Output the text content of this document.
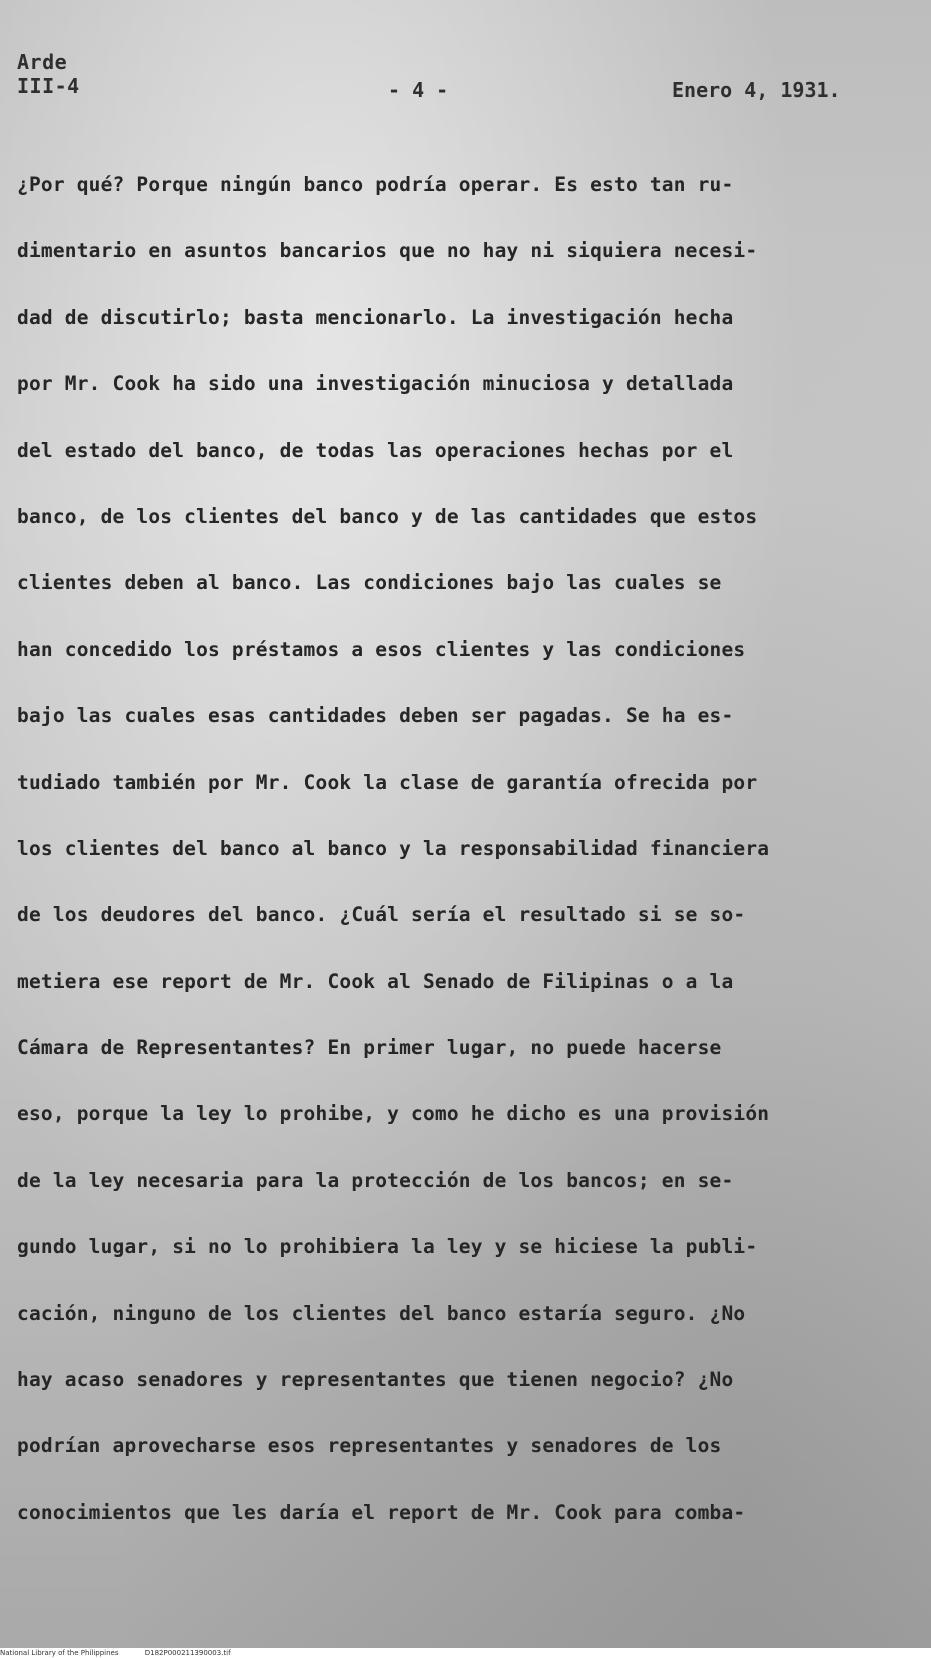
Arde
III-4	- 4 -	Enero 4, 1931.
¿Por qué? Porque ningún banco podría operar. Es esto tan ru-
dimentario en asuntos bancarios que no hay ni siquiera necesi-
dad de discutirlo; basta mencionarlo. La investigación hecha
por Mr. Cook ha sido una investigación minuciosa y detallada
del estado del banco, de todas las operaciones hechas por el
banco, de los clientes del banco y de las cantidades que estos
clientes deben al banco. Las condiciones bajo las cuales se
han concedido los préstamos a esos clientes y las condiciones
bajo las cuales esas cantidades deben ser pagadas. Se ha es-
tudiado también por Mr. Cook la clase de garantía ofrecida por
los clientes del banco al banco y la responsabilidad financiera
de los deudores del banco. ¿Cuál sería el resultado si se so-
metiera ese report de Mr. Cook al Senado de Filipinas o a la
Cámara de Representantes? En primer lugar, no puede hacerse
eso, porque la ley lo prohibe, y como he dicho es una provisión
de la ley necesaria para la protección de los bancos; en se-
gundo lugar, si no lo prohibiera la ley y se hiciese la publi-
cación, ninguno de los clientes del banco estaría seguro. ¿No
hay acaso senadores y representantes que tienen negocio? ¿No
podrían aprovecharse esos representantes y senadores de los
conocimientos que les daría el report de Mr. Cook para comba-
National Library of the Philippines	D182P000211390003.tif
